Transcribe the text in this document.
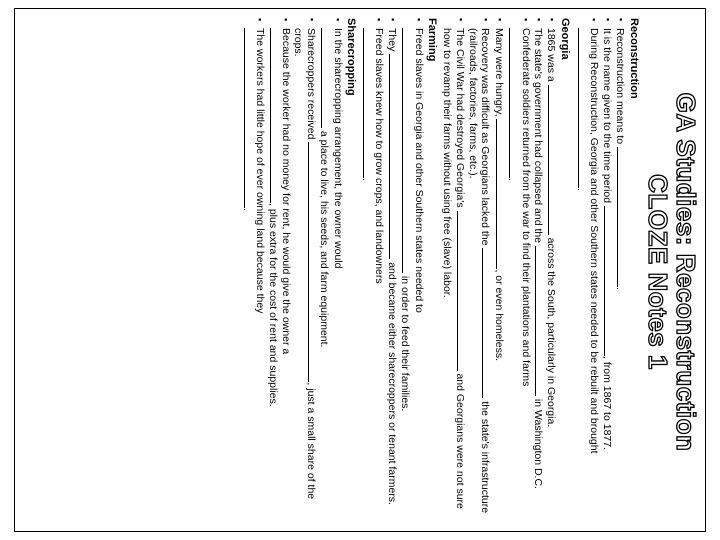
GA Studies: Reconstruction
CLOZE Notes 1
Reconstruction
▪ Reconstruction means to .
▪ It is the name given to the time period , from 1867 to 1877.
▪ During Reconstruction, Georgia and other Southern states needed to be rebuilt and brought .
Georgia
▪ 1865 was a  across the South, particularly in Georgia.
▪ The state's government had collapsed and the  in Washington D.C.
▪ Confederate soldiers returned from the war to find their plantations and farms
.
▪ Many were hungry, , or even homeless.
▪ Recovery was difficult as Georgians lacked the  the state's infrastructure (railroads, factories, farms, etc.).
▪ The Civil War had destroyed Georgia's  and Georgians were not sure how to revamp their farms without using free (slave) labor.
Farming
▪ Freed slaves in Georgia and other Southern states needed to
in order to feed their families.
▪ They  and became either sharecroppers or tenant farmers.
▪ Freed slaves knew how to grow crops, and landowners
.
Sharecropping
▪ In the sharecropping arrangement, the owner would
a place to live, his seeds, and farm equipment.
▪ Sharecroppers received , just a small share of the crops.
▪ Because the worker had no money for rent, he would give the owner a
, plus extra for the cost of rent and supplies.
▪ The workers had little hope of ever owning land because they
.
